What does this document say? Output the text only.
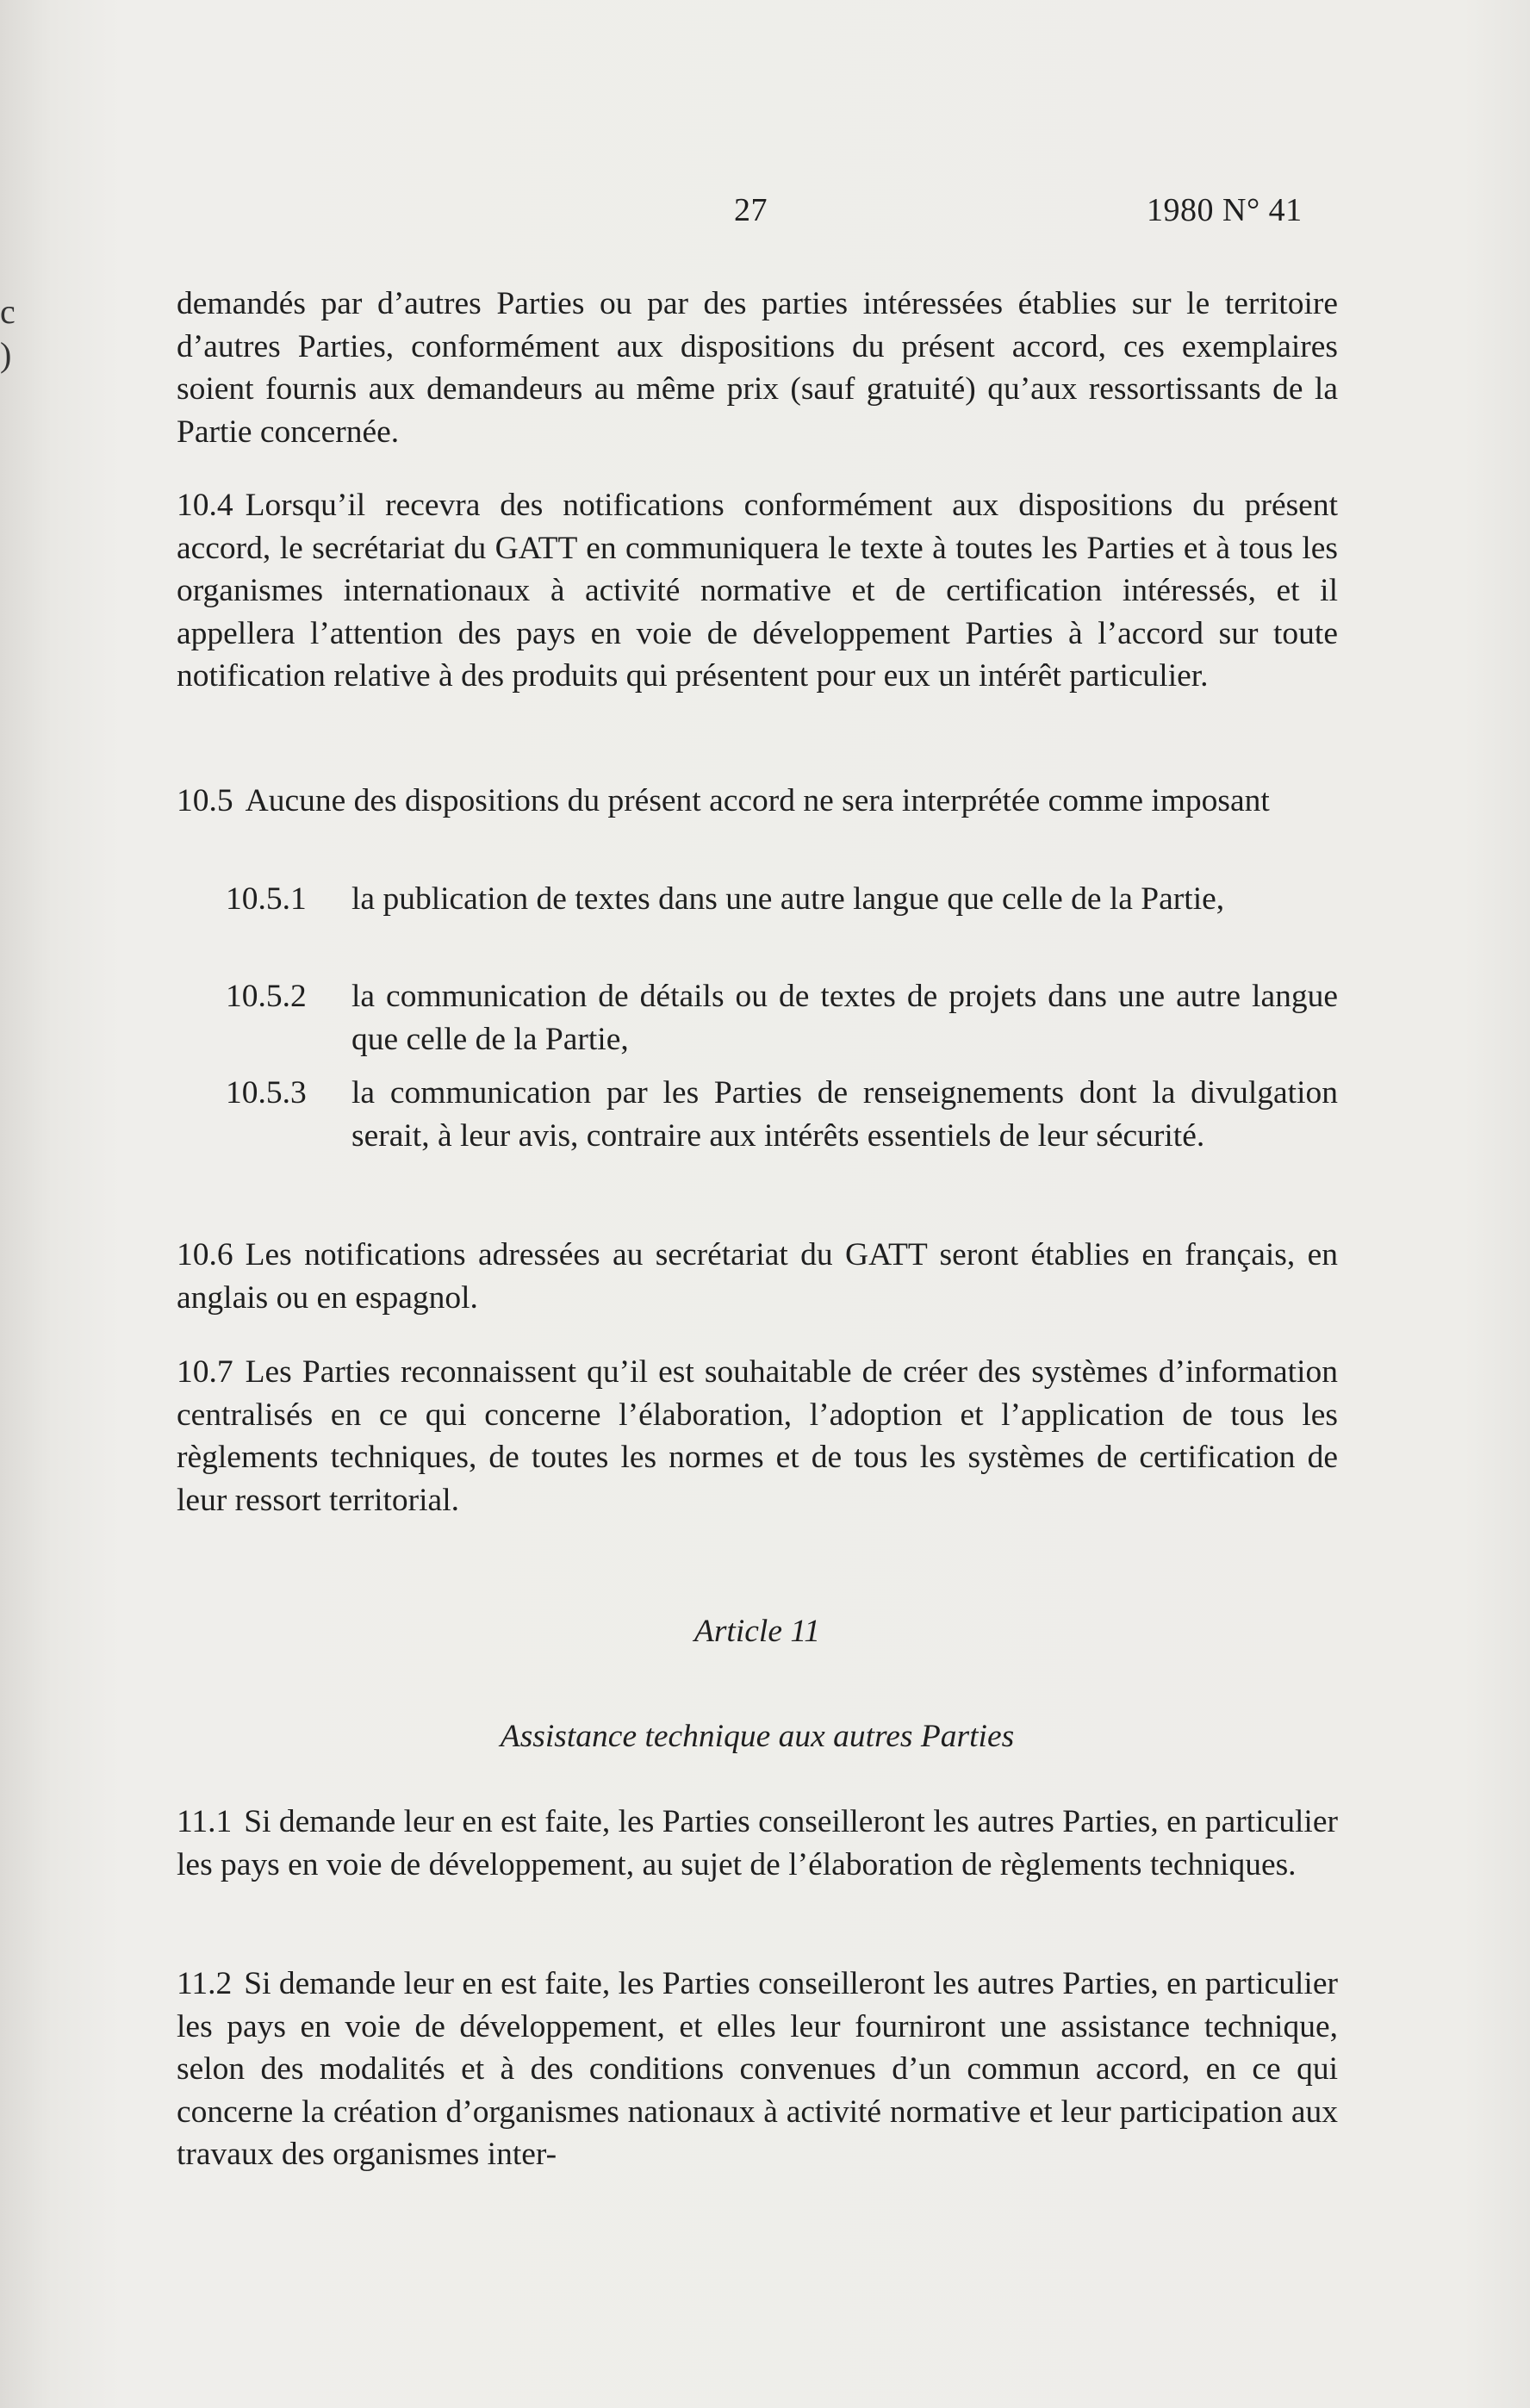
c
)
27	1980 N° 41

demandés par d’autres Parties ou par des parties intéressées établies sur le territoire d’autres Parties, conformément aux dispositions du présent accord, ces exemplaires soient fournis aux demandeurs au même prix (sauf gratuité) qu’aux ressortissants de la Partie concernée.

10.4 Lorsqu’il recevra des notifications conformément aux dispositions du présent accord, le secrétariat du GATT en communiquera le texte à toutes les Parties et à tous les organismes internationaux à activité normative et de certification intéressés, et il appellera l’attention des pays en voie de développement Parties à l’accord sur toute notification relative à des produits qui présentent pour eux un intérêt particulier.

10.5 Aucune des dispositions du présent accord ne sera interprétée comme imposant

10.5.1 la publication de textes dans une autre langue que celle de la Partie,
10.5.2 la communication de détails ou de textes de projets dans une autre langue que celle de la Partie,
10.5.3 la communication par les Parties de renseignements dont la divulgation serait, à leur avis, contraire aux intérêts essentiels de leur sécurité.

10.6 Les notifications adressées au secrétariat du GATT seront établies en français, en anglais ou en espagnol.

10.7 Les Parties reconnaissent qu’il est souhaitable de créer des systèmes d’information centralisés en ce qui concerne l’élaboration, l’adoption et l’application de tous les règlements techniques, de toutes les normes et de tous les systèmes de certification de leur ressort territorial.

Article 11
Assistance technique aux autres Parties

11.1 Si demande leur en est faite, les Parties conseilleront les autres Parties, en particulier les pays en voie de développement, au sujet de l’élaboration de règlements techniques.

11.2 Si demande leur en est faite, les Parties conseilleront les autres Parties, en particulier les pays en voie de développement, et elles leur fourniront une assistance technique, selon des modalités et à des conditions convenues d’un commun accord, en ce qui concerne la création d’organismes nationaux à activité normative et leur participation aux travaux des organismes inter-
